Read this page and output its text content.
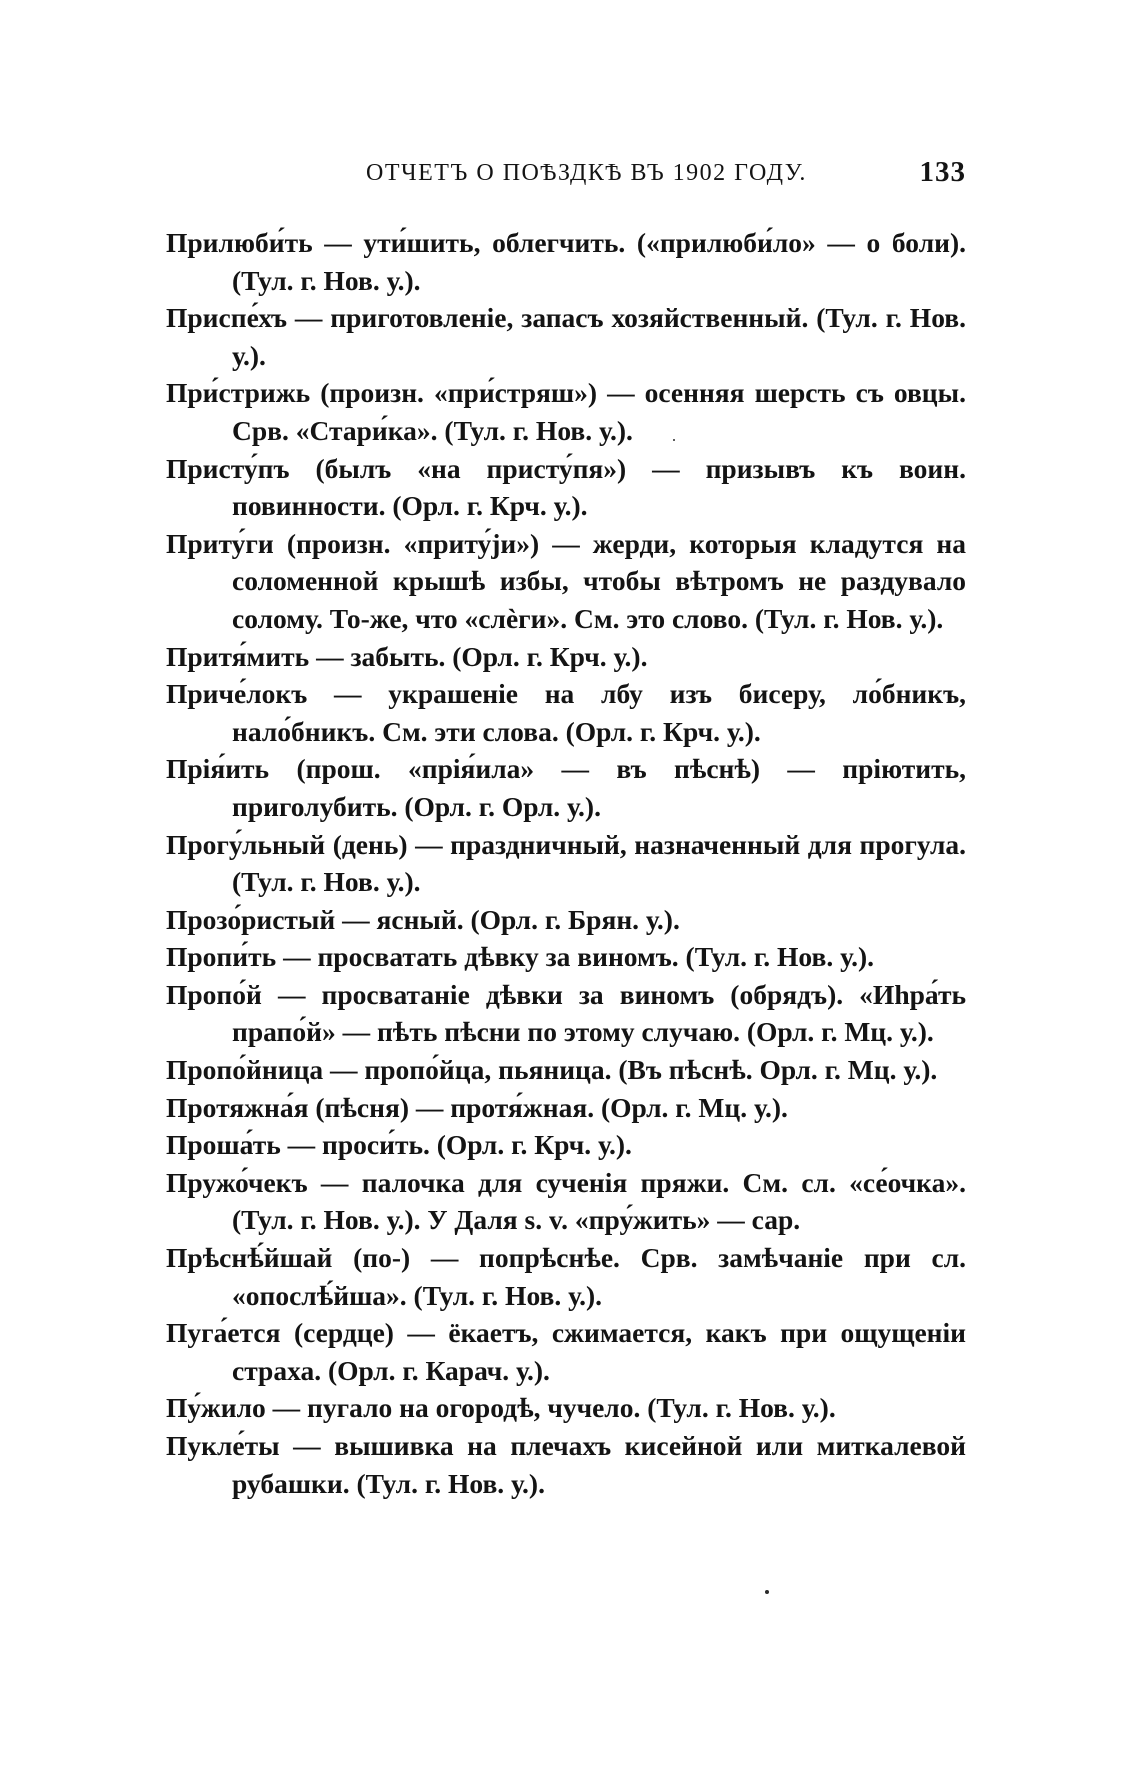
ОТЧЕТЪ О ПОѢЗДКѢ ВЪ 1902 ГОДУ.	133
Прилюби́ть — ути́шить, облегчить. («прилюби́ло» — о боли). (Тул. г. Нов. у.).
Приспе́хъ — приготовленіе, запасъ хозяйственный. (Тул. г. Нов. у.).
При́стрижь (произн. «при́стряш») — осенняя шерсть съ овцы. Срв. «Стари́ка». (Тул. г. Нов. у.).
Присту́пъ (былъ «на присту́пя») — призывъ къ воин. повинности. (Орл. г. Крч. у.).
Приту́ги (произн. «приту́ји») — жерди, которыя кладутся на соломенной крышѣ избы, чтобы вѣтромъ не раздувало солому. То-же, что «слѐги». См. это слово. (Тул. г. Нов. у.).
Притя́мить — забыть. (Орл. г. Крч. у.).
Приче́локъ — украшеніе на лбу изъ бисеру, ло́бникъ, нало́бникъ. См. эти слова. (Орл. г. Крч. у.).
Прія́ить (прош. «прія́ила» — въ пѣснѣ) — пріютить, приголубить. (Орл. г. Орл. у.).
Прогу́льный (день) — праздничный, назначенный для прогула. (Тул. г. Нов. у.).
Прозо́ристый — ясный. (Орл. г. Брян. у.).
Пропи́ть — просватать дѣвку за виномъ. (Тул. г. Нов. у.).
Пропо́й — просватаніе дѣвки за виномъ (обрядъ). «Иhра́ть прапо́й» — пѣть пѣсни по этому случаю. (Орл. г. Мц. у.).
Пропо́йница — пропо́йца, пьяница. (Въ пѣснѣ. Орл. г. Мц. у.).
Протяжна́я (пѣсня) — протя́жная. (Орл. г. Мц. у.).
Проша́ть — проси́ть. (Орл. г. Крч. у.).
Пружо́чекъ — палочка для сученія пряжи. См. сл. «се́очка». (Тул. г. Нов. у.). У Даля s. v. «пру́жить» — сар.
Прѣснѣ́йшай (по-) — попрѣснѣе. Срв. замѣчаніе при сл. «опослѣ́йша». (Тул. г. Нов. у.).
Пуга́ется (сердце) — ёкаетъ, сжимается, какъ при ощущеніи страха. (Орл. г. Карач. у.).
Пу́жило — пугало на огородѣ, чучело. (Тул. г. Нов. у.).
Пукле́ты — вышивка на плечахъ кисейной или миткалевой рубашки. (Тул. г. Нов. у.).
